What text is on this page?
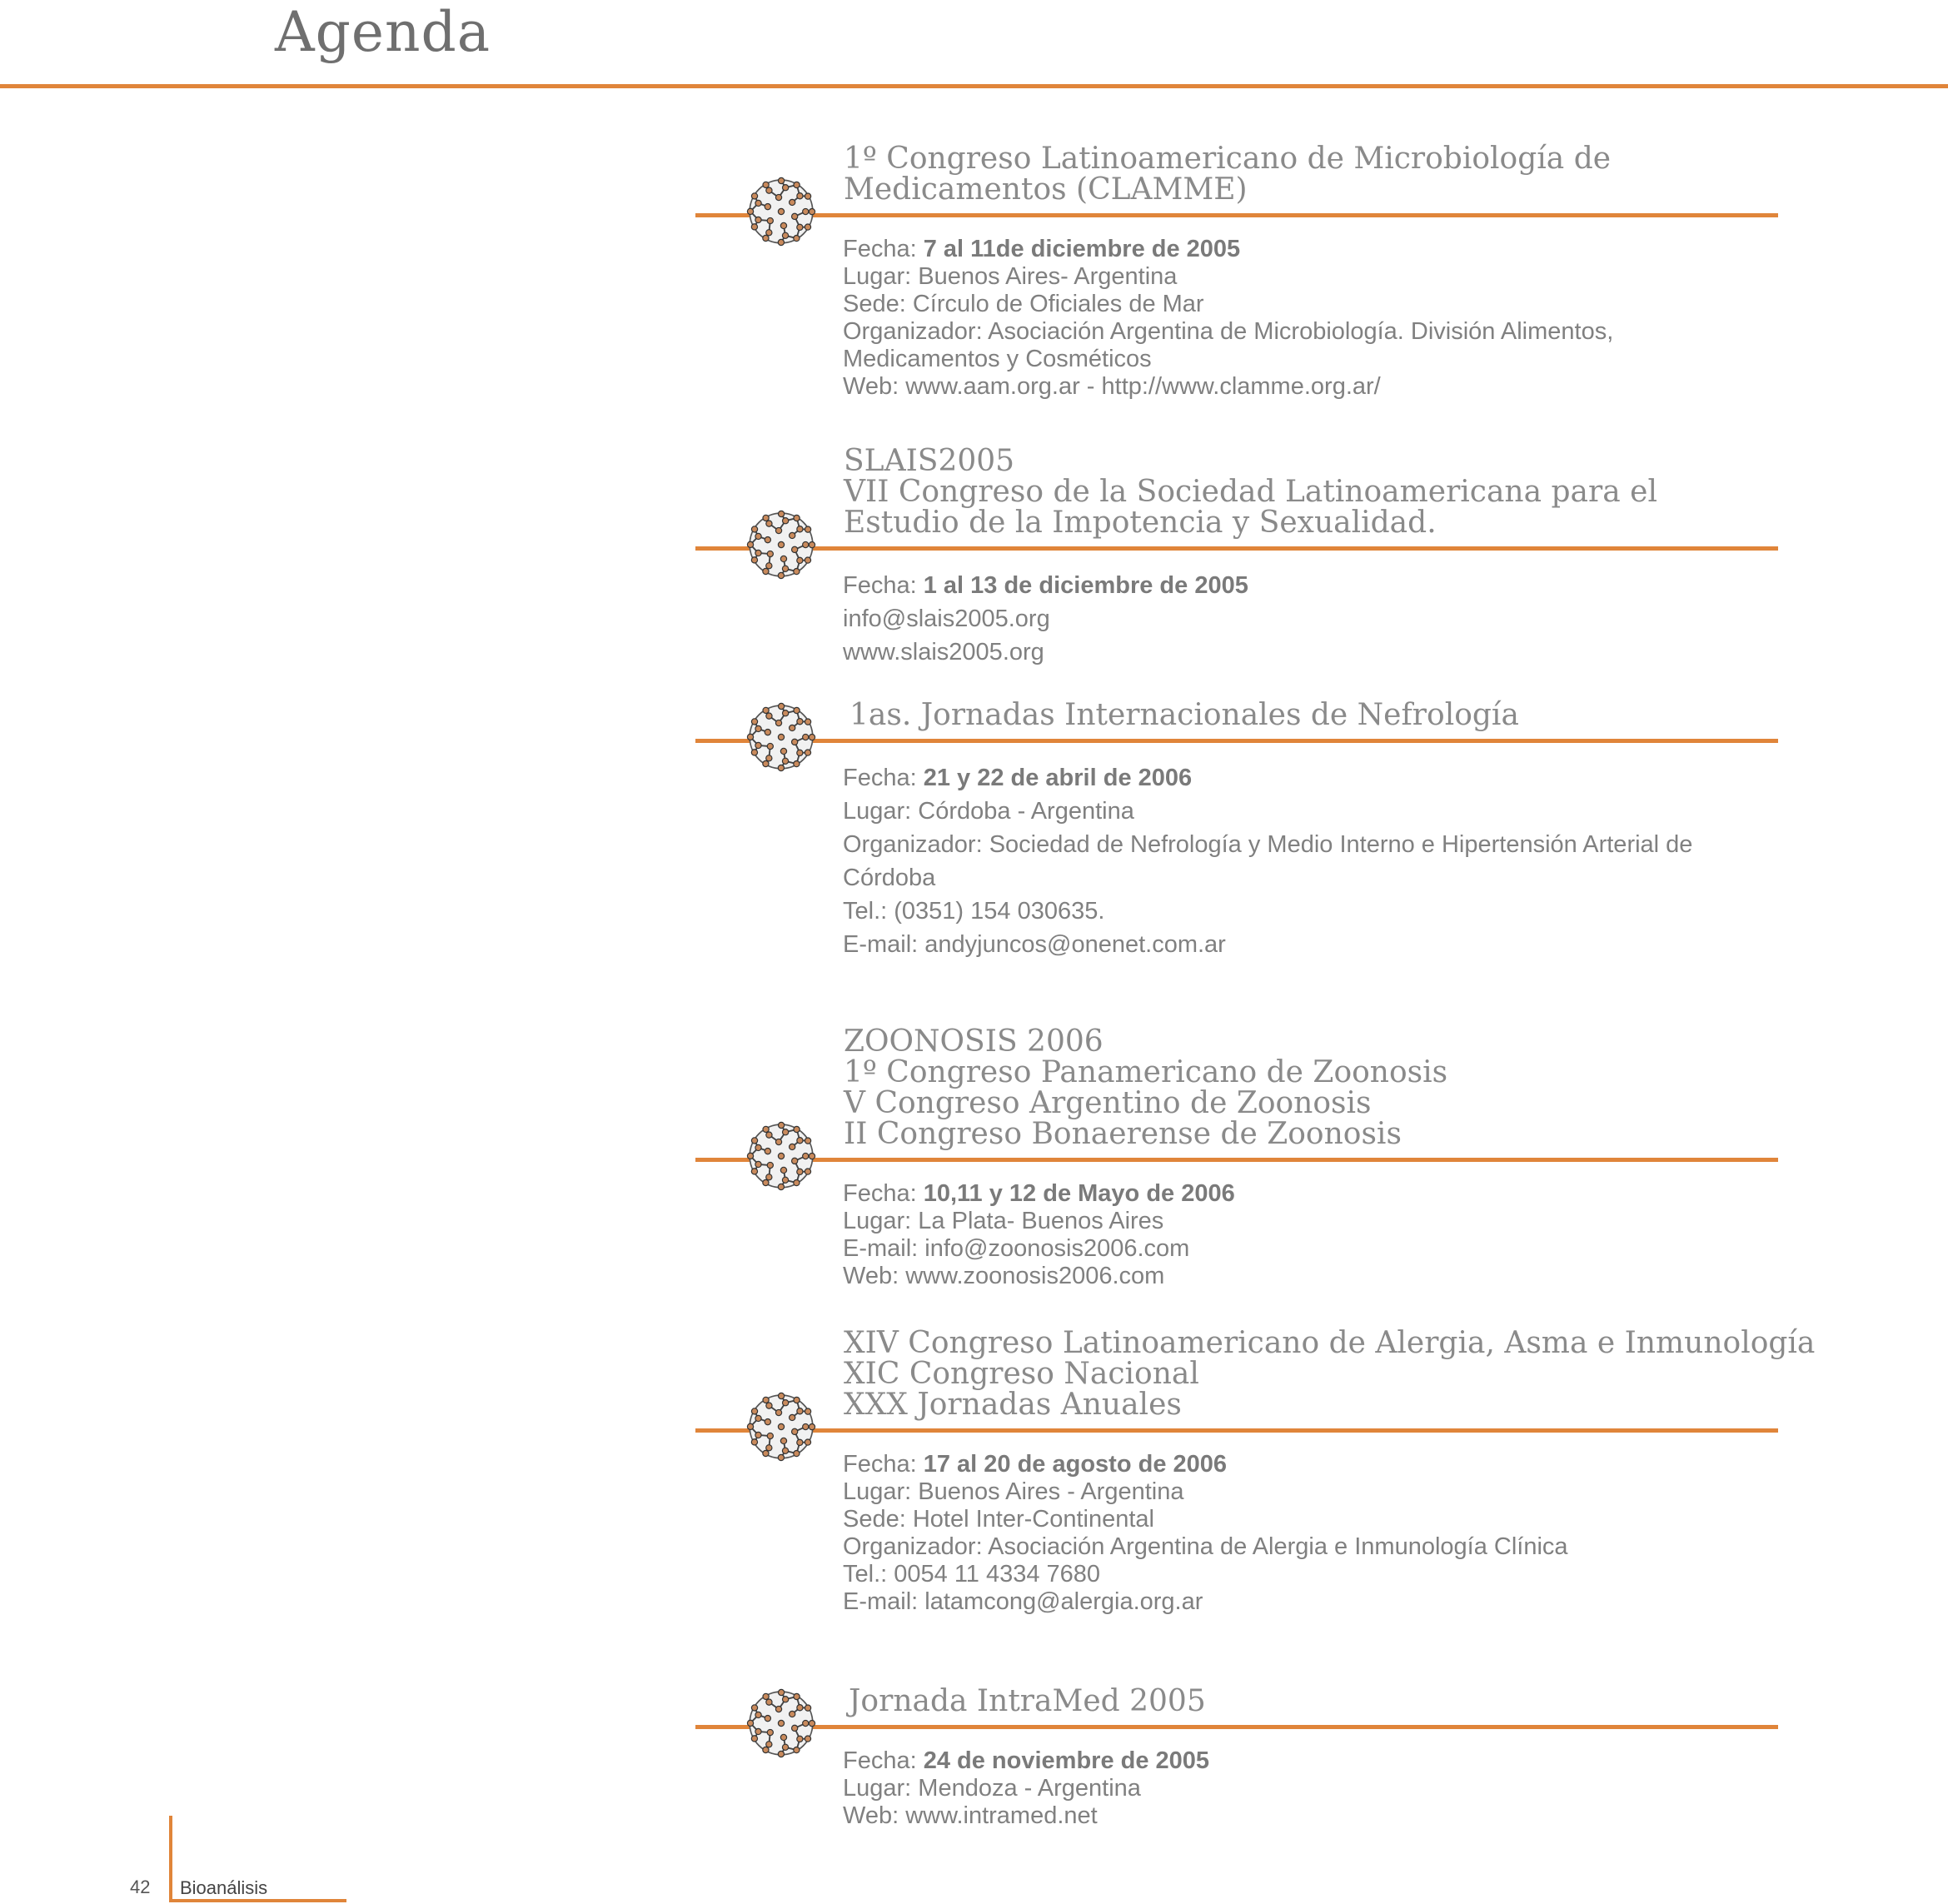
Agenda
1º Congreso Latinoamericano de Microbiología de
Medicamentos (CLAMME)
Fecha: 7 al 11de diciembre de 2005
Lugar: Buenos Aires- Argentina
Sede: Círculo de Oficiales de Mar
Organizador: Asociación Argentina de Microbiología. División Alimentos,
Medicamentos y Cosméticos
Web: www.aam.org.ar - http://www.clamme.org.ar/
SLAIS2005
VII Congreso de la Sociedad Latinoamericana para el
Estudio de la Impotencia y Sexualidad.
Fecha: 1 al 13 de diciembre de 2005
info@slais2005.org
www.slais2005.org
1as. Jornadas Internacionales de Nefrología
Fecha: 21 y 22 de abril de 2006
Lugar: Córdoba - Argentina
Organizador: Sociedad de Nefrología y Medio Interno e Hipertensión Arterial de
Córdoba
Tel.: (0351) 154 030635.
E-mail: andyjuncos@onenet.com.ar
ZOONOSIS 2006
1º Congreso Panamericano de Zoonosis
V Congreso Argentino de Zoonosis
II Congreso Bonaerense de Zoonosis
Fecha: 10,11 y 12 de Mayo de 2006
Lugar: La Plata- Buenos Aires
E-mail: info@zoonosis2006.com
Web: www.zoonosis2006.com
XIV Congreso Latinoamericano de Alergia, Asma e Inmunología
XIC Congreso Nacional
XXX Jornadas Anuales
Fecha: 17 al 20 de agosto de 2006
Lugar: Buenos Aires - Argentina
Sede: Hotel Inter-Continental
Organizador: Asociación Argentina de Alergia e Inmunología Clínica
Tel.: 0054 11 4334 7680
E-mail: latamcong@alergia.org.ar
Jornada IntraMed 2005
Fecha: 24 de noviembre de 2005
Lugar: Mendoza - Argentina
Web: www.intramed.net
42 Bioanálisis
